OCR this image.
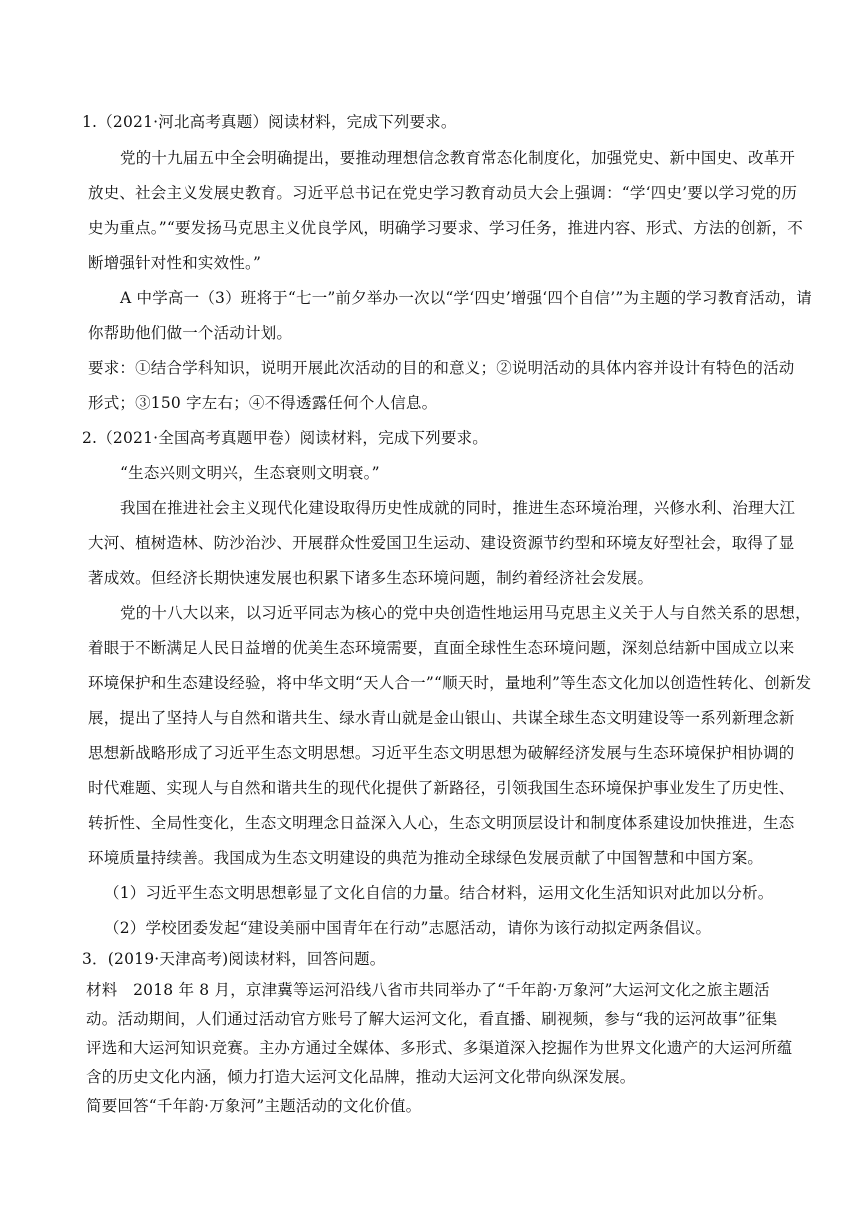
1.（2021·河北高考真题）阅读材料，完成下列要求。
党的十九届五中全会明确提出，要推动理想信念教育常态化制度化，加强党史、新中国史、改革开
放史、社会主义发展史教育。习近平总书记在党史学习教育动员大会上强调：“学‘四史’要以学习党的历
史为重点。”“要发扬马克思主义优良学风，明确学习要求、学习任务，推进内容、形式、方法的创新，不
断增强针对性和实效性。”
A 中学高一（3）班将于“七一”前夕举办一次以“学‘四史’增强‘四个自信’”为主题的学习教育活动，请
你帮助他们做一个活动计划。
要求：①结合学科知识，说明开展此次活动的目的和意义；②说明活动的具体内容并设计有特色的活动
形式；③150 字左右；④不得透露任何个人信息。
2.（2021·全国高考真题甲卷）阅读材料，完成下列要求。
“生态兴则文明兴，生态衰则文明衰。”
我国在推进社会主义现代化建设取得历史性成就的同时，推进生态环境治理，兴修水利、治理大江
大河、植树造林、防沙治沙、开展群众性爱国卫生运动、建设资源节约型和环境友好型社会，取得了显
著成效。但经济长期快速发展也积累下诸多生态环境问题，制约着经济社会发展。
党的十八大以来，以习近平同志为核心的党中央创造性地运用马克思主义关于人与自然关系的思想，
着眼于不断满足人民日益增的优美生态环境需要，直面全球性生态环境问题，深刻总结新中国成立以来
环境保护和生态建设经验，将中华文明“天人合一”“顺天时，量地利”等生态文化加以创造性转化、创新发
展，提出了坚持人与自然和谐共生、绿水青山就是金山银山、共谋全球生态文明建设等一系列新理念新
思想新战略形成了习近平生态文明思想。习近平生态文明思想为破解经济发展与生态环境保护相协调的
时代难题、实现人与自然和谐共生的现代化提供了新路径，引领我国生态环境保护事业发生了历史性、
转折性、全局性变化，生态文明理念日益深入人心，生态文明顶层设计和制度体系建设加快推进，生态
环境质量持续善。我国成为生态文明建设的典范为推动全球绿色发展贡献了中国智慧和中国方案。
（1）习近平生态文明思想彰显了文化自信的力量。结合材料，运用文化生活知识对此加以分析。
（2）学校团委发起“建设美丽中国青年在行动”志愿活动，请你为该行动拟定两条倡议。
3．(2019·天津高考)阅读材料，回答问题。
材料　2018 年 8 月，京津冀等运河沿线八省市共同举办了“千年韵·万象河”大运河文化之旅主题活
动。活动期间，人们通过活动官方账号了解大运河文化，看直播、刷视频，参与“我的运河故事”征集
评选和大运河知识竞赛。主办方通过全媒体、多形式、多渠道深入挖掘作为世界文化遗产的大运河所蕴
含的历史文化内涵，倾力打造大运河文化品牌，推动大运河文化带向纵深发展。
简要回答“千年韵·万象河”主题活动的文化价值。
